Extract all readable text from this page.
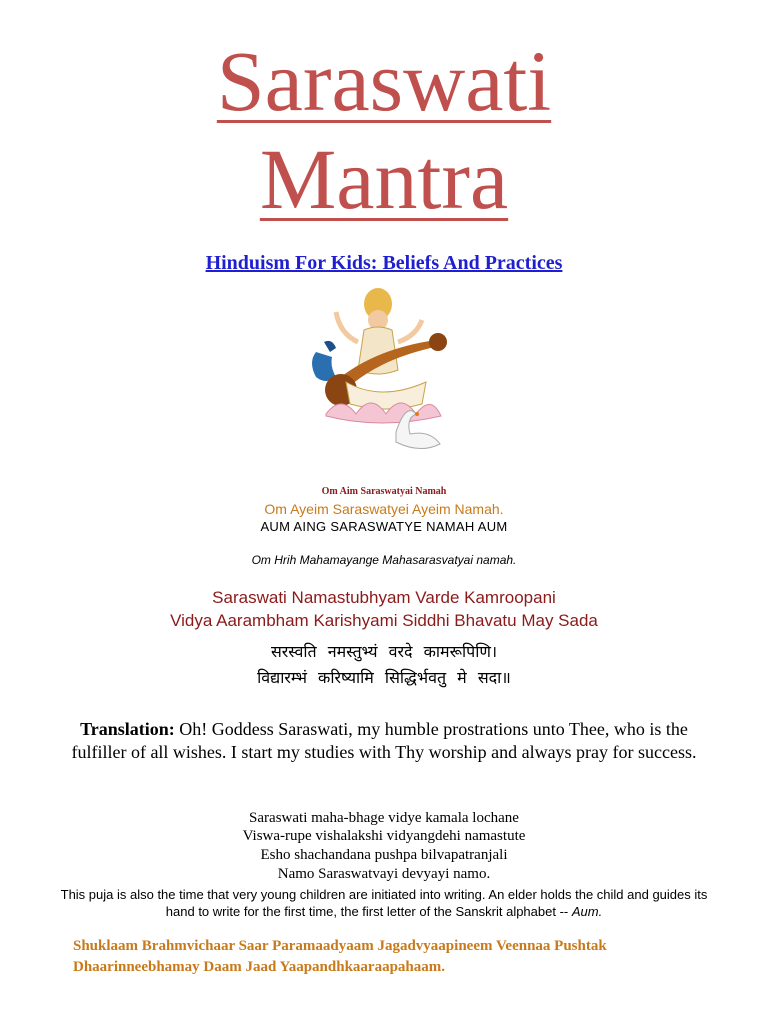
Saraswati
Mantra
Hinduism For Kids: Beliefs And Practices
Om Aim Saraswatyai Namah
Om Ayeim Saraswatyei Ayeim Namah.
AUM AING SARASWATYE NAMAH AUM
Om Hrih Mahamayange Mahasarasvatyai namah.
Saraswati Namastubhyam Varde Kamroopani
Vidya Aarambham Karishyami Siddhi Bhavatu May Sada
सरस्वति नमस्तुभ्यं वरदे कामरूपिणि।
विद्यारम्भं करिष्यामि सिद्धिर्भवतु मे सदा॥
Translation: Oh! Goddess Saraswati, my humble prostrations unto Thee, who is the fulfiller of all wishes. I start my studies with Thy worship and always pray for success.
Saraswati maha-bhage vidye kamala lochane
Viswa-rupe vishalakshi vidyangdehi namastute
Esho shachandana pushpa bilvapatranjali
Namo Saraswatvayi devyayi namo.
This puja is also the time that very young children are initiated into writing. An elder holds the child and guides its hand to write for the first time, the first letter of the Sanskrit alphabet -- Aum.
Shuklaam Brahmvichaar Saar Paramaadyaam Jagadvyaapineem Veennaa Pushtak Dhaarinneebhamay Daam Jaad Yaapandhkaaraapahaam.
